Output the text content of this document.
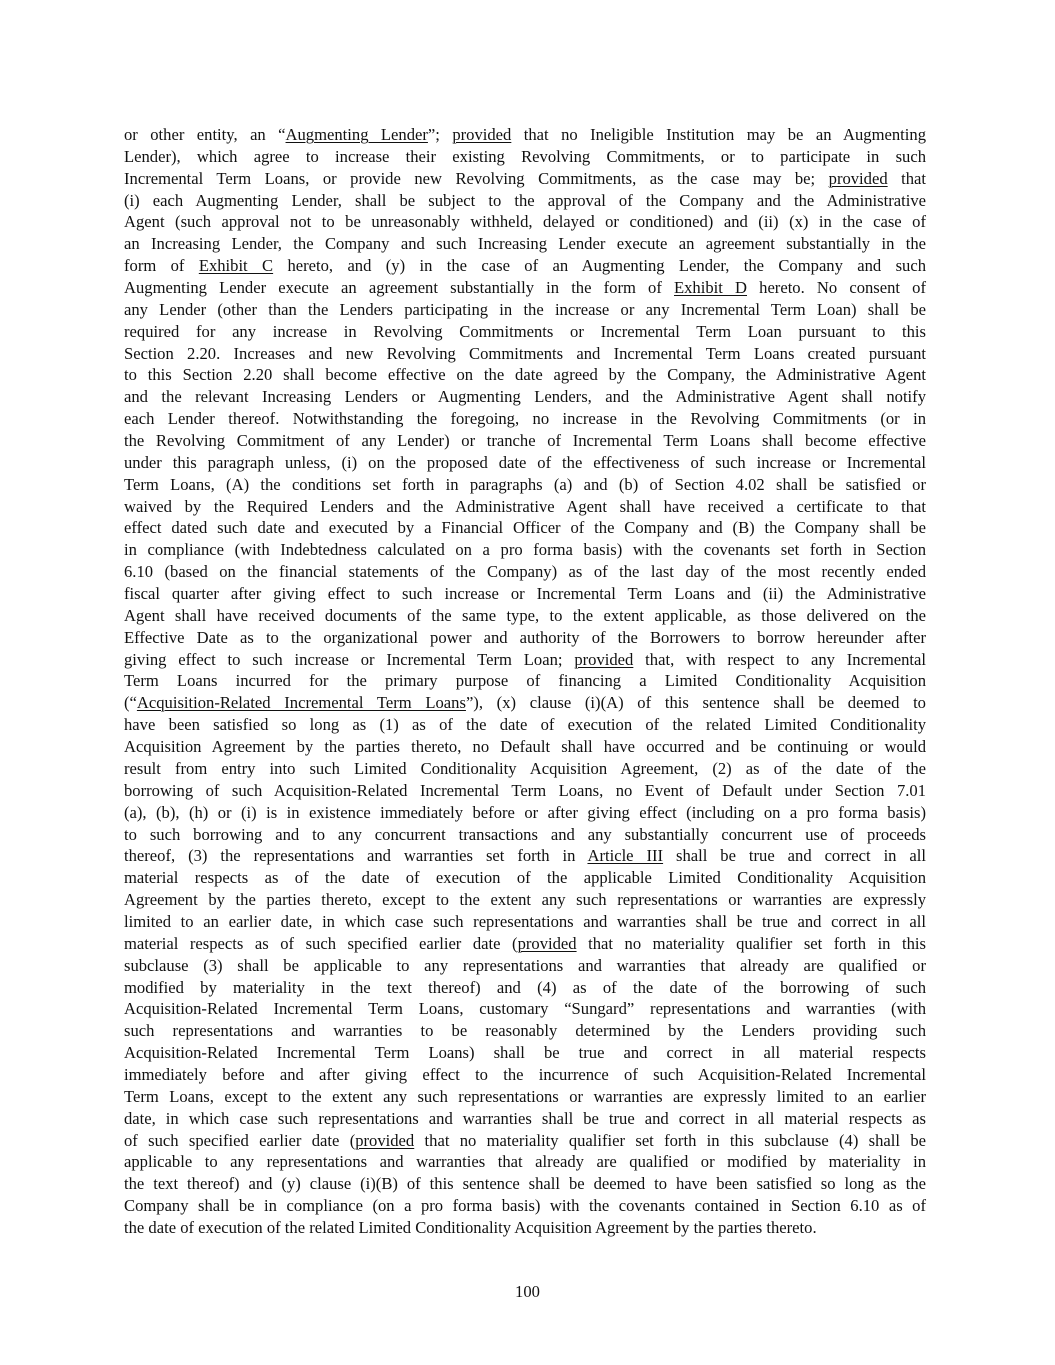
or other entity, an “Augmenting Lender”; provided that no Ineligible Institution may be an Augmenting
Lender), which agree to increase their existing Revolving Commitments, or to participate in such
Incremental Term Loans, or provide new Revolving Commitments, as the case may be; provided that
(i) each Augmenting Lender, shall be subject to the approval of the Company and the Administrative
Agent (such approval not to be unreasonably withheld, delayed or conditioned) and (ii) (x) in the case of
an Increasing Lender, the Company and such Increasing Lender execute an agreement substantially in the
form of Exhibit C hereto, and (y) in the case of an Augmenting Lender, the Company and such
Augmenting Lender execute an agreement substantially in the form of Exhibit D hereto. No consent of
any Lender (other than the Lenders participating in the increase or any Incremental Term Loan) shall be
required for any increase in Revolving Commitments or Incremental Term Loan pursuant to this
Section 2.20. Increases and new Revolving Commitments and Incremental Term Loans created pursuant
to this Section 2.20 shall become effective on the date agreed by the Company, the Administrative Agent
and the relevant Increasing Lenders or Augmenting Lenders, and the Administrative Agent shall notify
each Lender thereof. Notwithstanding the foregoing, no increase in the Revolving Commitments (or in
the Revolving Commitment of any Lender) or tranche of Incremental Term Loans shall become effective
under this paragraph unless, (i) on the proposed date of the effectiveness of such increase or Incremental
Term Loans, (A) the conditions set forth in paragraphs (a) and (b) of Section 4.02 shall be satisfied or
waived by the Required Lenders and the Administrative Agent shall have received a certificate to that
effect dated such date and executed by a Financial Officer of the Company and (B) the Company shall be
in compliance (with Indebtedness calculated on a pro forma basis) with the covenants set forth in Section
6.10 (based on the financial statements of the Company) as of the last day of the most recently ended
fiscal quarter after giving effect to such increase or Incremental Term Loans and (ii) the Administrative
Agent shall have received documents of the same type, to the extent applicable, as those delivered on the
Effective Date as to the organizational power and authority of the Borrowers to borrow hereunder after
giving effect to such increase or Incremental Term Loan; provided that, with respect to any Incremental
Term Loans incurred for the primary purpose of financing a Limited Conditionality Acquisition
(“Acquisition-Related Incremental Term Loans”), (x) clause (i)(A) of this sentence shall be deemed to
have been satisfied so long as (1) as of the date of execution of the related Limited Conditionality
Acquisition Agreement by the parties thereto, no Default shall have occurred and be continuing or would
result from entry into such Limited Conditionality Acquisition Agreement, (2) as of the date of the
borrowing of such Acquisition-Related Incremental Term Loans, no Event of Default under Section 7.01
(a), (b), (h) or (i) is in existence immediately before or after giving effect (including on a pro forma basis)
to such borrowing and to any concurrent transactions and any substantially concurrent use of proceeds
thereof, (3) the representations and warranties set forth in Article III shall be true and correct in all
material respects as of the date of execution of the applicable Limited Conditionality Acquisition
Agreement by the parties thereto, except to the extent any such representations or warranties are expressly
limited to an earlier date, in which case such representations and warranties shall be true and correct in all
material respects as of such specified earlier date (provided that no materiality qualifier set forth in this
subclause (3) shall be applicable to any representations and warranties that already are qualified or
modified by materiality in the text thereof) and (4) as of the date of the borrowing of such
Acquisition-Related Incremental Term Loans, customary “Sungard” representations and warranties (with
such representations and warranties to be reasonably determined by the Lenders providing such
Acquisition-Related Incremental Term Loans) shall be true and correct in all material respects
immediately before and after giving effect to the incurrence of such Acquisition-Related Incremental
Term Loans, except to the extent any such representations or warranties are expressly limited to an earlier
date, in which case such representations and warranties shall be true and correct in all material respects as
of such specified earlier date (provided that no materiality qualifier set forth in this subclause (4) shall be
applicable to any representations and warranties that already are qualified or modified by materiality in
the text thereof) and (y) clause (i)(B) of this sentence shall be deemed to have been satisfied so long as the
Company shall be in compliance (on a pro forma basis) with the covenants contained in Section 6.10 as of
the date of execution of the related Limited Conditionality Acquisition Agreement by the parties thereto.
100
